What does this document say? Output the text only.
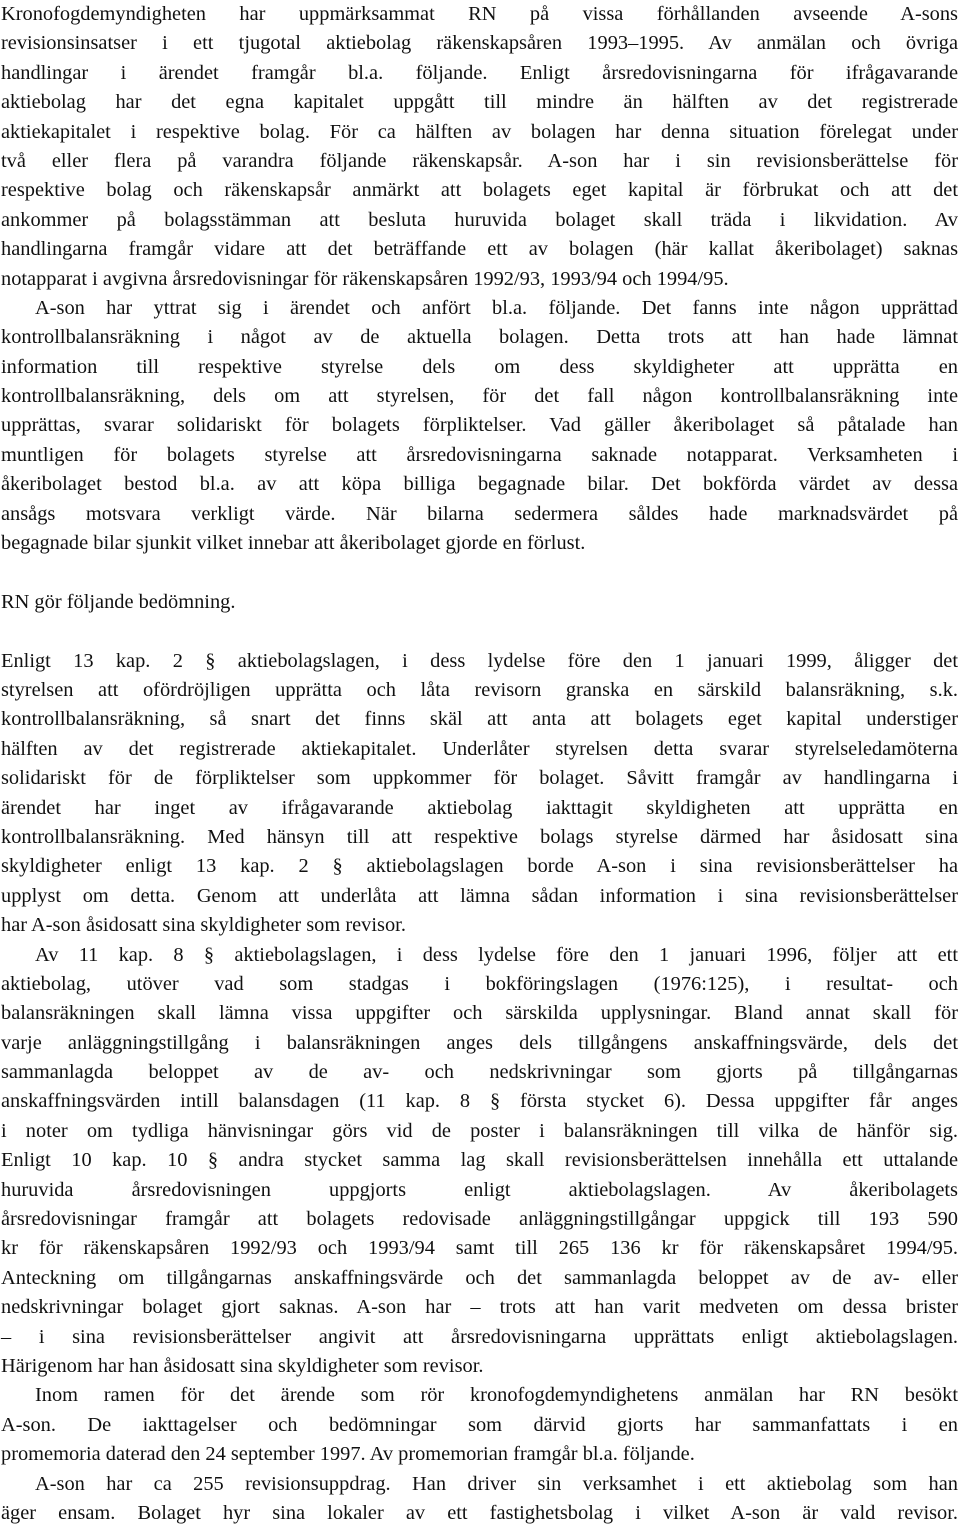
Kronofogdemyndigheten har uppmärksammat RN på vissa förhållanden avseende A-sons
revisionsinsatser i ett tjugotal aktiebolag räkenskapsåren 1993–1995. Av anmälan och övriga
handlingar i ärendet framgår bl.a. följande. Enligt årsredovisningarna för ifrågavarande
aktiebolag har det egna kapitalet uppgått till mindre än hälften av det registrerade
aktiekapitalet i respektive bolag. För ca hälften av bolagen har denna situation förelegat under
två eller flera på varandra följande räkenskapsår. A-son har i sin revisionsberättelse för
respektive bolag och räkenskapsår anmärkt att bolagets eget kapital är förbrukat och att det
ankommer på bolagsstämman att besluta huruvida bolaget skall träda i likvidation. Av
handlingarna framgår vidare att det beträffande ett av bolagen (här kallat åkeribolaget) saknas
notapparat i avgivna årsredovisningar för räkenskapsåren 1992/93, 1993/94 och 1994/95.
A-son har yttrat sig i ärendet och anfört bl.a. följande. Det fanns inte någon upprättad
kontrollbalansräkning i något av de aktuella bolagen. Detta trots att han hade lämnat
information till respektive styrelse dels om dess skyldigheter att upprätta en
kontrollbalansräkning, dels om att styrelsen, för det fall någon kontrollbalansräkning inte
upprättas, svarar solidariskt för bolagets förpliktelser. Vad gäller åkeribolaget så påtalade han
muntligen för bolagets styrelse att årsredovisningarna saknade notapparat. Verksamheten i
åkeribolaget bestod bl.a. av att köpa billiga begagnade bilar. Det bokförda värdet av dessa
ansågs motsvara verkligt värde. När bilarna sedermera såldes hade marknadsvärdet på
begagnade bilar sjunkit vilket innebar att åkeribolaget gjorde en förlust.
RN gör följande bedömning.
Enligt 13 kap. 2 § aktiebolagslagen, i dess lydelse före den 1 januari 1999, åligger det
styrelsen att ofördröjligen upprätta och låta revisorn granska en särskild balansräkning, s.k.
kontrollbalansräkning, så snart det finns skäl att anta att bolagets eget kapital understiger
hälften av det registrerade aktiekapitalet. Underlåter styrelsen detta svarar styrelseledamöterna
solidariskt för de förpliktelser som uppkommer för bolaget. Såvitt framgår av handlingarna i
ärendet har inget av ifrågavarande aktiebolag iakttagit skyldigheten att upprätta en
kontrollbalansräkning. Med hänsyn till att respektive bolags styrelse därmed har åsidosatt sina
skyldigheter enligt 13 kap. 2 § aktiebolagslagen borde A-son i sina revisionsberättelser ha
upplyst om detta. Genom att underlåta att lämna sådan information i sina revisionsberättelser
har A-son åsidosatt sina skyldigheter som revisor.
Av 11 kap. 8 § aktiebolagslagen, i dess lydelse före den 1 januari 1996, följer att ett
aktiebolag, utöver vad som stadgas i bokföringslagen (1976:125), i resultat- och
balansräkningen skall lämna vissa uppgifter och särskilda upplysningar. Bland annat skall för
varje anläggningstillgång i balansräkningen anges dels tillgångens anskaffningsvärde, dels det
sammanlagda beloppet av de av- och nedskrivningar som gjorts på tillgångarnas
anskaffningsvärden intill balansdagen (11 kap. 8 § första stycket 6). Dessa uppgifter får anges
i noter om tydliga hänvisningar görs vid de poster i balansräkningen till vilka de hänför sig.
Enligt 10 kap. 10 § andra stycket samma lag skall revisionsberättelsen innehålla ett uttalande
huruvida årsredovisningen uppgjorts enligt aktiebolagslagen. Av åkeribolagets
årsredovisningar framgår att bolagets redovisade anläggningstillgångar uppgick till 193 590
kr för räkenskapsåren 1992/93 och 1993/94 samt till 265 136 kr för räkenskapsåret 1994/95.
Anteckning om tillgångarnas anskaffningsvärde och det sammanlagda beloppet av de av- eller
nedskrivningar bolaget gjort saknas. A-son har – trots att han varit medveten om dessa brister
– i sina revisionsberättelser angivit att årsredovisningarna upprättats enligt aktiebolagslagen.
Härigenom har han åsidosatt sina skyldigheter som revisor.
Inom ramen för det ärende som rör kronofogdemyndighetens anmälan har RN besökt
A-son. De iakttagelser och bedömningar som därvid gjorts har sammanfattats i en
promemoria daterad den 24 september 1997. Av promemorian framgår bl.a. följande.
A-son har ca 255 revisionsuppdrag. Han driver sin verksamhet i ett aktiebolag som han
äger ensam. Bolaget hyr sina lokaler av ett fastighetsbolag i vilket A-son är vald revisor.
